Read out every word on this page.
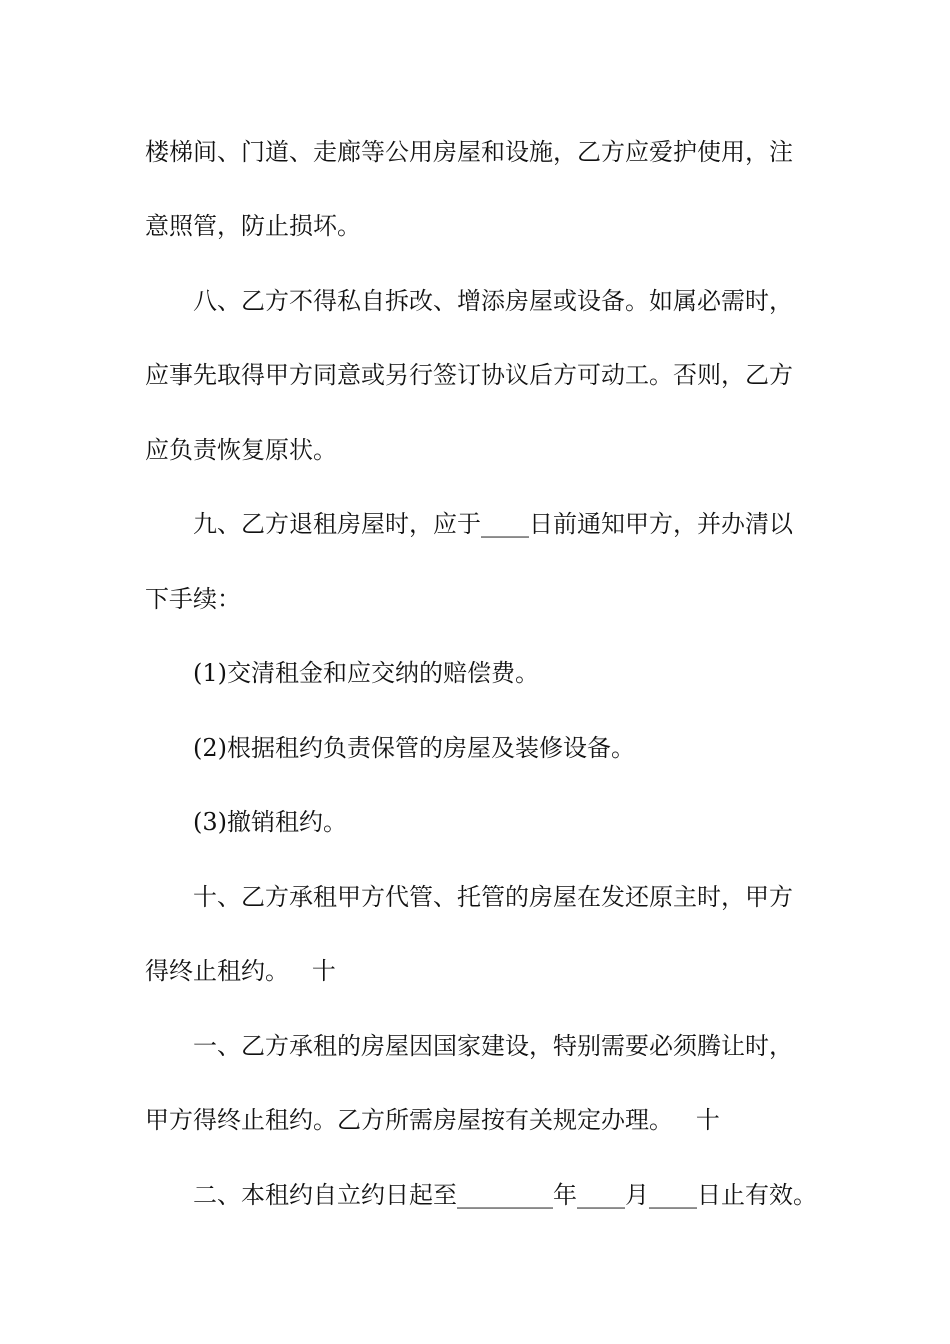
楼梯间、门道、走廊等公用房屋和设施，乙方应爱护使用，注
意照管，防止损坏。
八、乙方不得私自拆改、增添房屋或设备。如属必需时，
应事先取得甲方同意或另行签订协议后方可动工。否则，乙方
应负责恢复原状。
九、乙方退租房屋时，应于____日前通知甲方，并办清以
下手续：
(1)交清租金和应交纳的赔偿费。
(2)根据租约负责保管的房屋及装修设备。
(3)撤销租约。
十、乙方承租甲方代管、托管的房屋在发还原主时，甲方
得终止租约。   十
一、乙方承租的房屋因国家建设，特别需要必须腾让时，
甲方得终止租约。乙方所需房屋按有关规定办理。   十
二、本租约自立约日起至________年____月____日止有效。
